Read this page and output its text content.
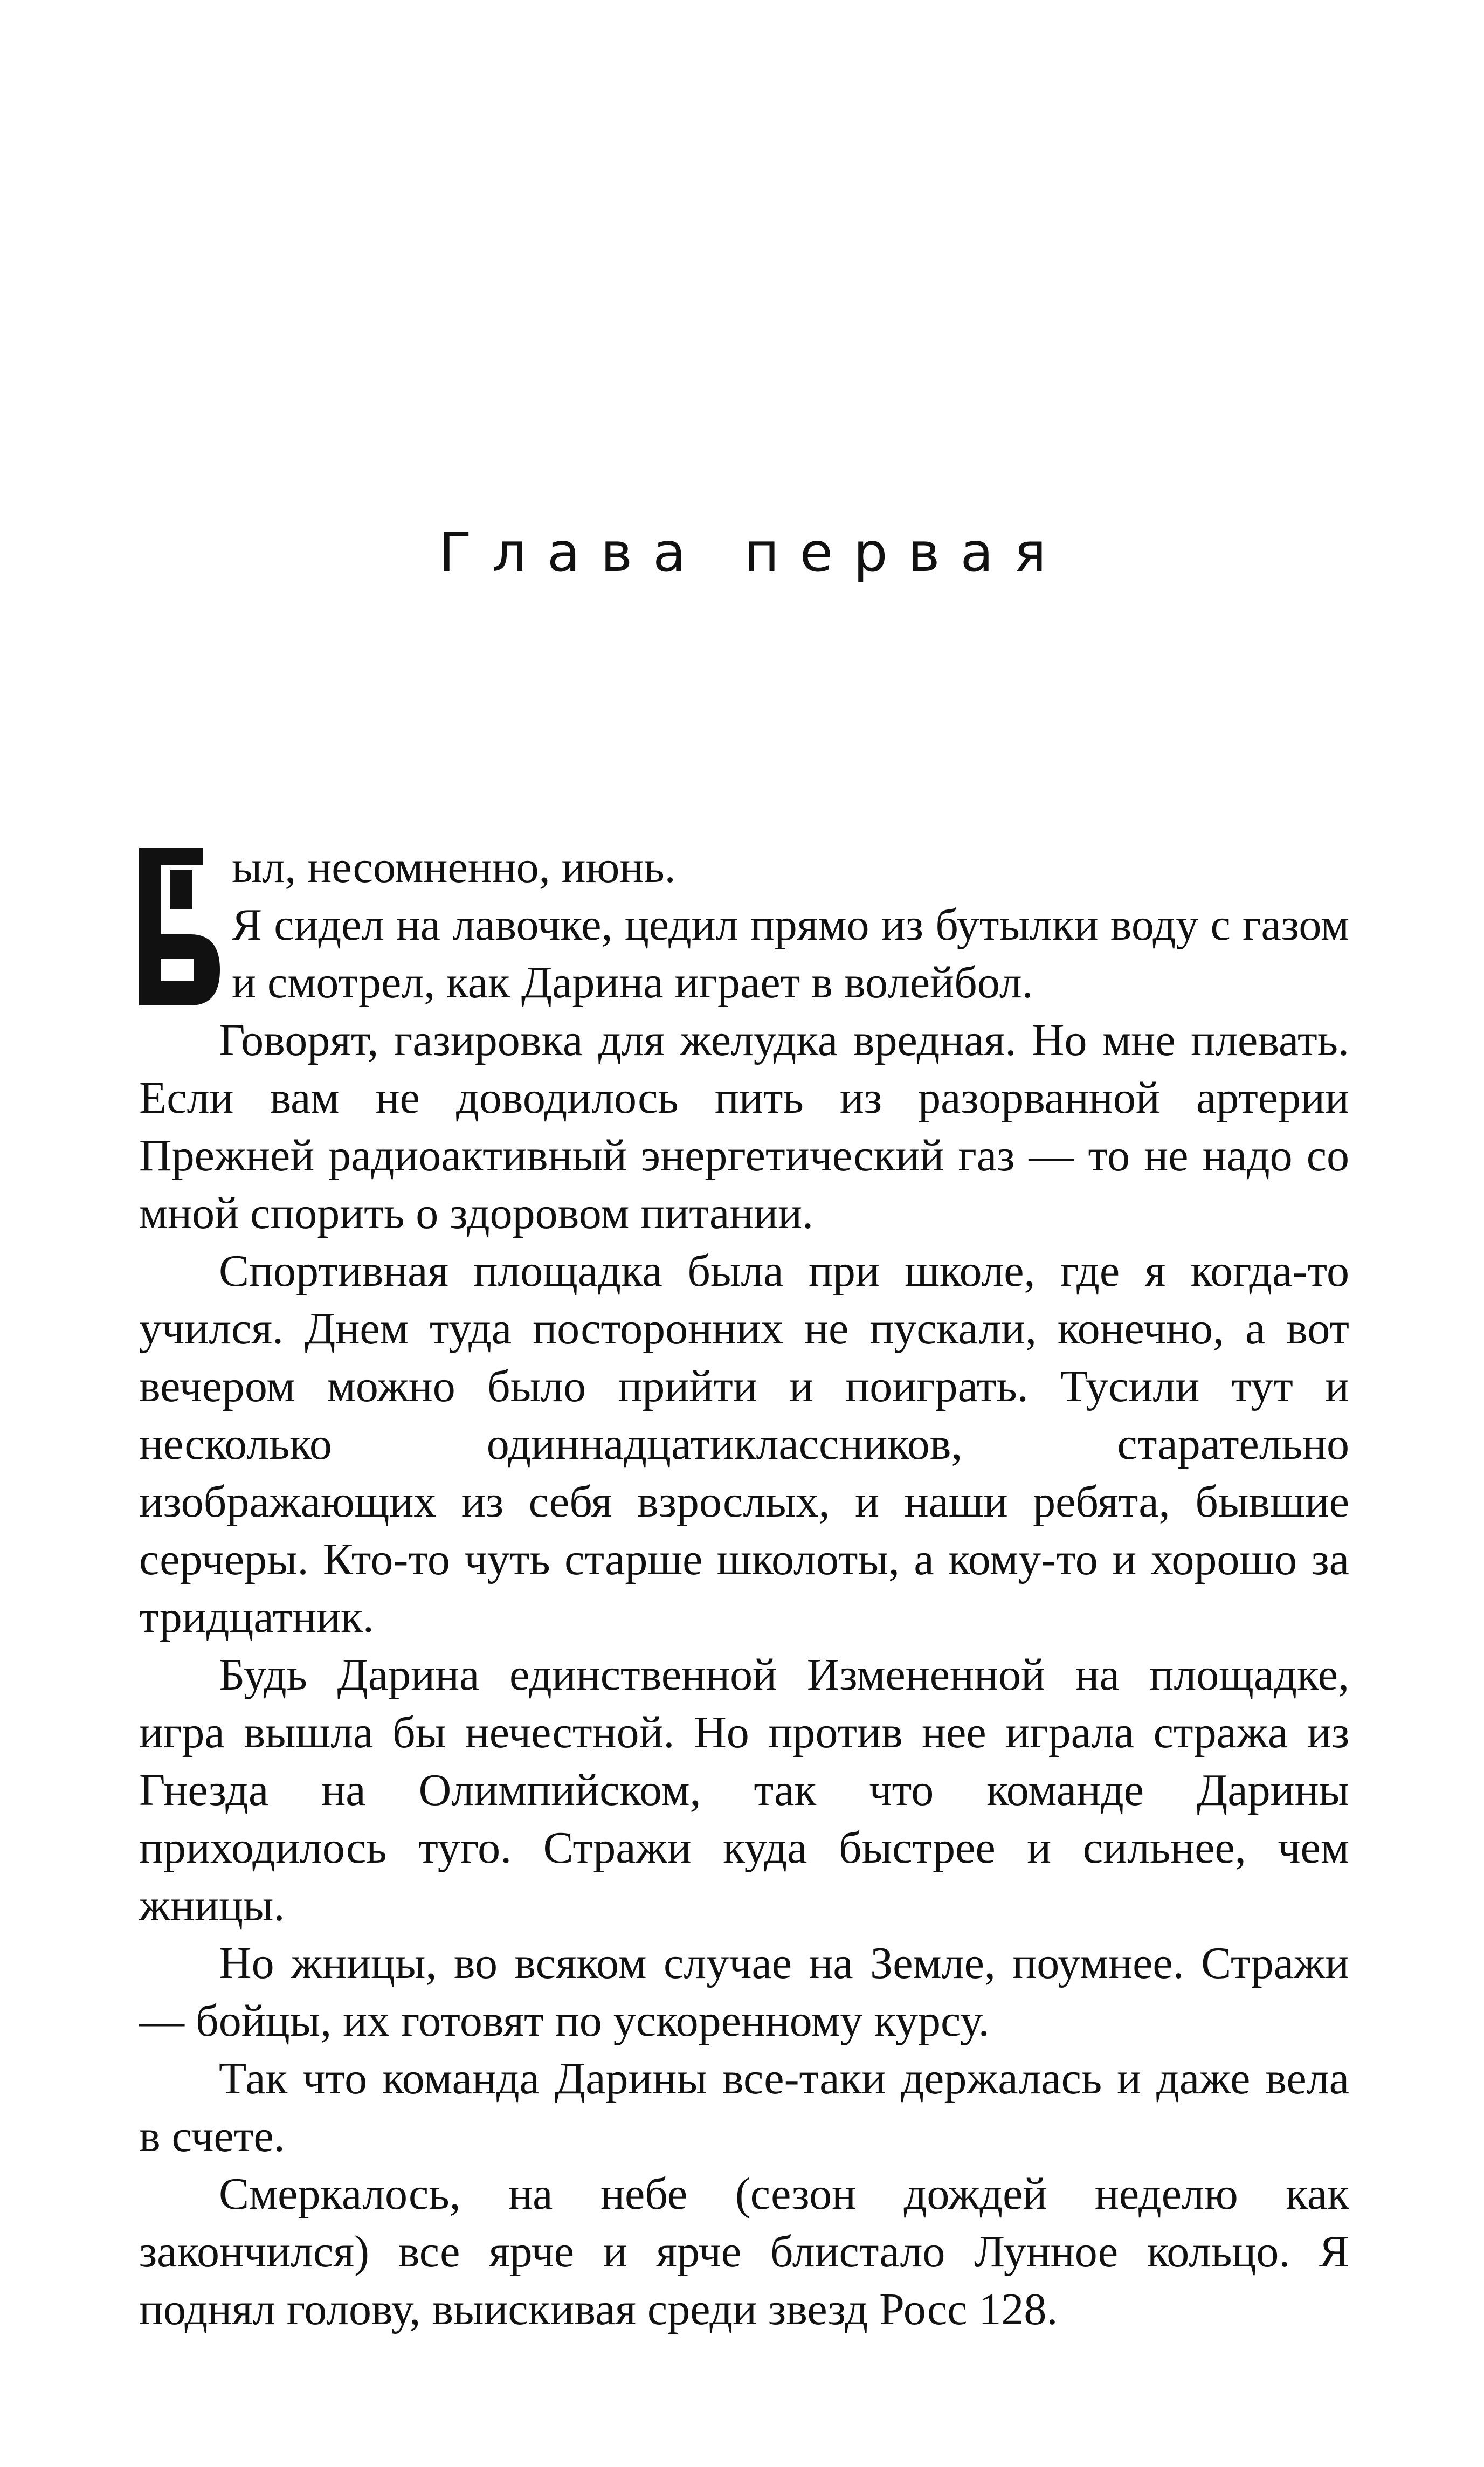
Глава первая

ыл, несомненно, июнь.

Я сидел на лавочке, цедил прямо из бутылки воду с газом и смотрел, как Дарина играет в волейбол.

Говорят, газировка для желудка вредная. Но мне плевать. Если вам не доводилось пить из разорванной артерии Прежней радиоактивный энергетический газ — то не надо со мной спорить о здоровом питании.

Спортивная площадка была при школе, где я когда-то учился. Днем туда посторонних не пускали, конечно, а вот вечером можно было прийти и поиграть. Тусили тут и несколько одиннадцатиклассников, старательно изображающих из себя взрослых, и наши ребята, бывшие серчеры. Кто-то чуть старше школоты, а кому-то и хорошо за тридцатник.

Будь Дарина единственной Измененной на площадке, игра вышла бы нечестной. Но против нее играла стража из Гнезда на Олимпийском, так что команде Дарины приходилось туго. Стражи куда быстрее и сильнее, чем жницы.

Но жницы, во всяком случае на Земле, поумнее. Стражи — бойцы, их готовят по ускоренному курсу.

Так что команда Дарины все-таки держалась и даже вела в счете.

Смеркалось, на небе (сезон дождей неделю как закончился) все ярче и ярче блистало Лунное кольцо. Я поднял голову, выискивая среди звезд Росс 128.
